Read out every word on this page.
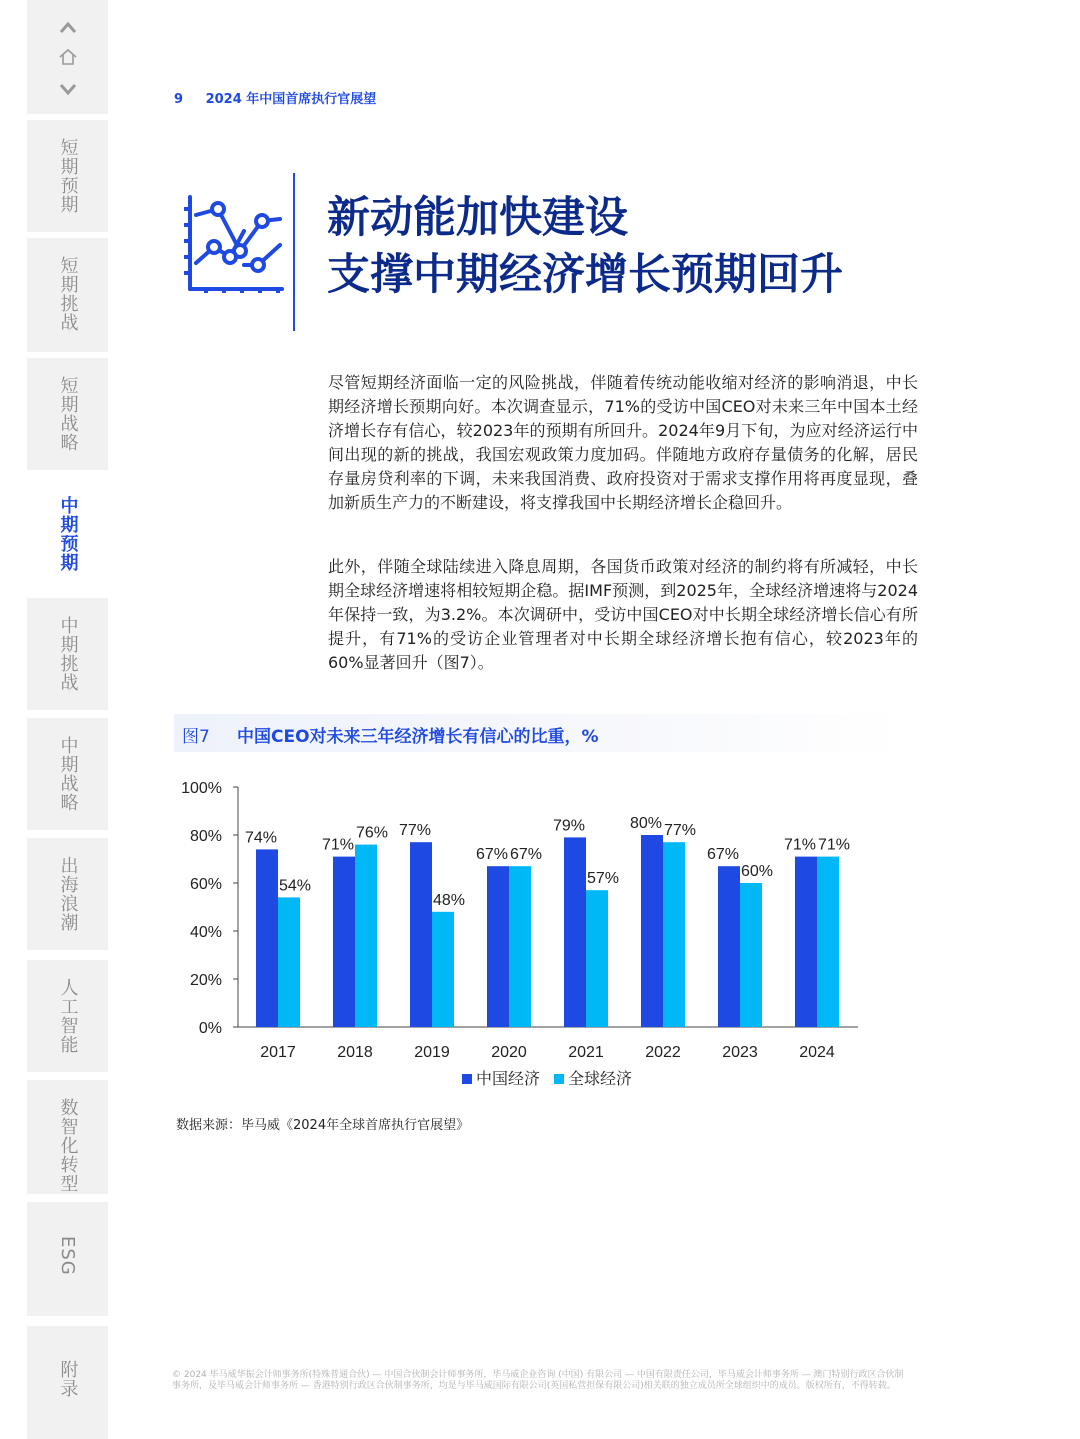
短期预期
短期挑战
短期战略
中期预期
中期挑战
中期战略
出海浪潮
人工智能
数智化转型
ESG
附录
9 2024 年中国首席执行官展望
新动能加快建设
支撑中期经济增长预期回升
尽管短期经济面临一定的风险挑战，伴随着传统动能收缩对经济的影响消退，中长期经济增长预期向好。本次调查显示，71%的受访中国CEO对未来三年中国本土经济增长存有信心，较2023年的预期有所回升。2024年9月下旬，为应对经济运行中间出现的新的挑战，我国宏观政策力度加码。伴随地方政府存量债务的化解，居民存量房贷利率的下调，未来我国消费、政府投资对于需求支撑作用将再度显现，叠加新质生产力的不断建设，将支撑我国中长期经济增长企稳回升。
此外，伴随全球陆续进入降息周期，各国货币政策对经济的制约将有所减轻，中长期全球经济增速将相较短期企稳。据IMF预测，到2025年，全球经济增速将与2024年保持一致，为3.2%。本次调研中，受访中国CEO对中长期全球经济增长信心有所提升，有71%的受访企业管理者对中长期全球经济增长抱有信心，较2023年的60%显著回升（图7）。
图7 中国CEO对未来三年经济增长有信心的比重，%
0%
20%
40%
60%
80%
100%
74%
54%
2017
71%
76%
2018
77%
48%
2019
67% 67%
2020
79%
57%
2021
80% 77%
2022
67%
60%
2023
71% 71%
2024
中国经济 全球经济
数据来源：毕马威《2024年全球首席执行官展望》
© 2024 毕马威华振会计师事务所(特殊普通合伙) — 中国合伙制会计师事务所，毕马威企业咨询 (中国) 有限公司 — 中国有限责任公司，毕马威会计师事务所 — 澳门特别行政区合伙制事务所，及毕马威会计师事务所 — 香港特别行政区合伙制事务所，均是与毕马威国际有限公司(英国私营担保有限公司)相关联的独立成员所全球组织中的成员。版权所有，不得转载。
